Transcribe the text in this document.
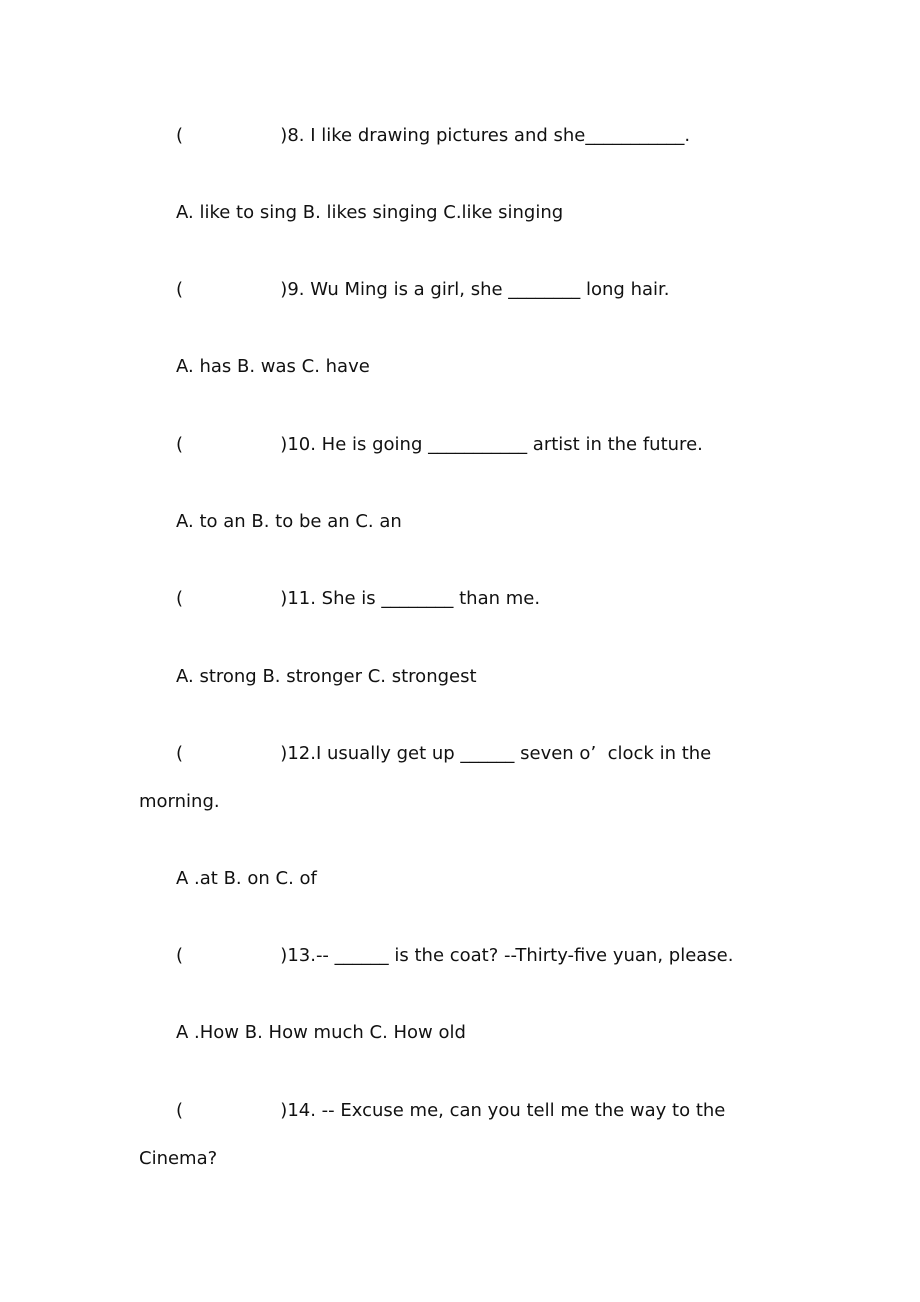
(                 )8. I like drawing pictures and she___________.
A. like to sing B. likes singing C.like singing
(                 )9. Wu Ming is a girl, she ________ long hair.
A. has B. was C. have
(                 )10. He is going ___________ artist in the future.
A. to an B. to be an C. an
(                 )11. She is ________ than me.
A. strong B. stronger C. strongest
(                 )12.I usually get up ______ seven o’  clock in the
morning.
A .at B. on C. of
(                 )13.-- ______ is the coat? --Thirty-five yuan, please.
A .How B. How much C. How old
(                 )14. -- Excuse me, can you tell me the way to the
Cinema?
